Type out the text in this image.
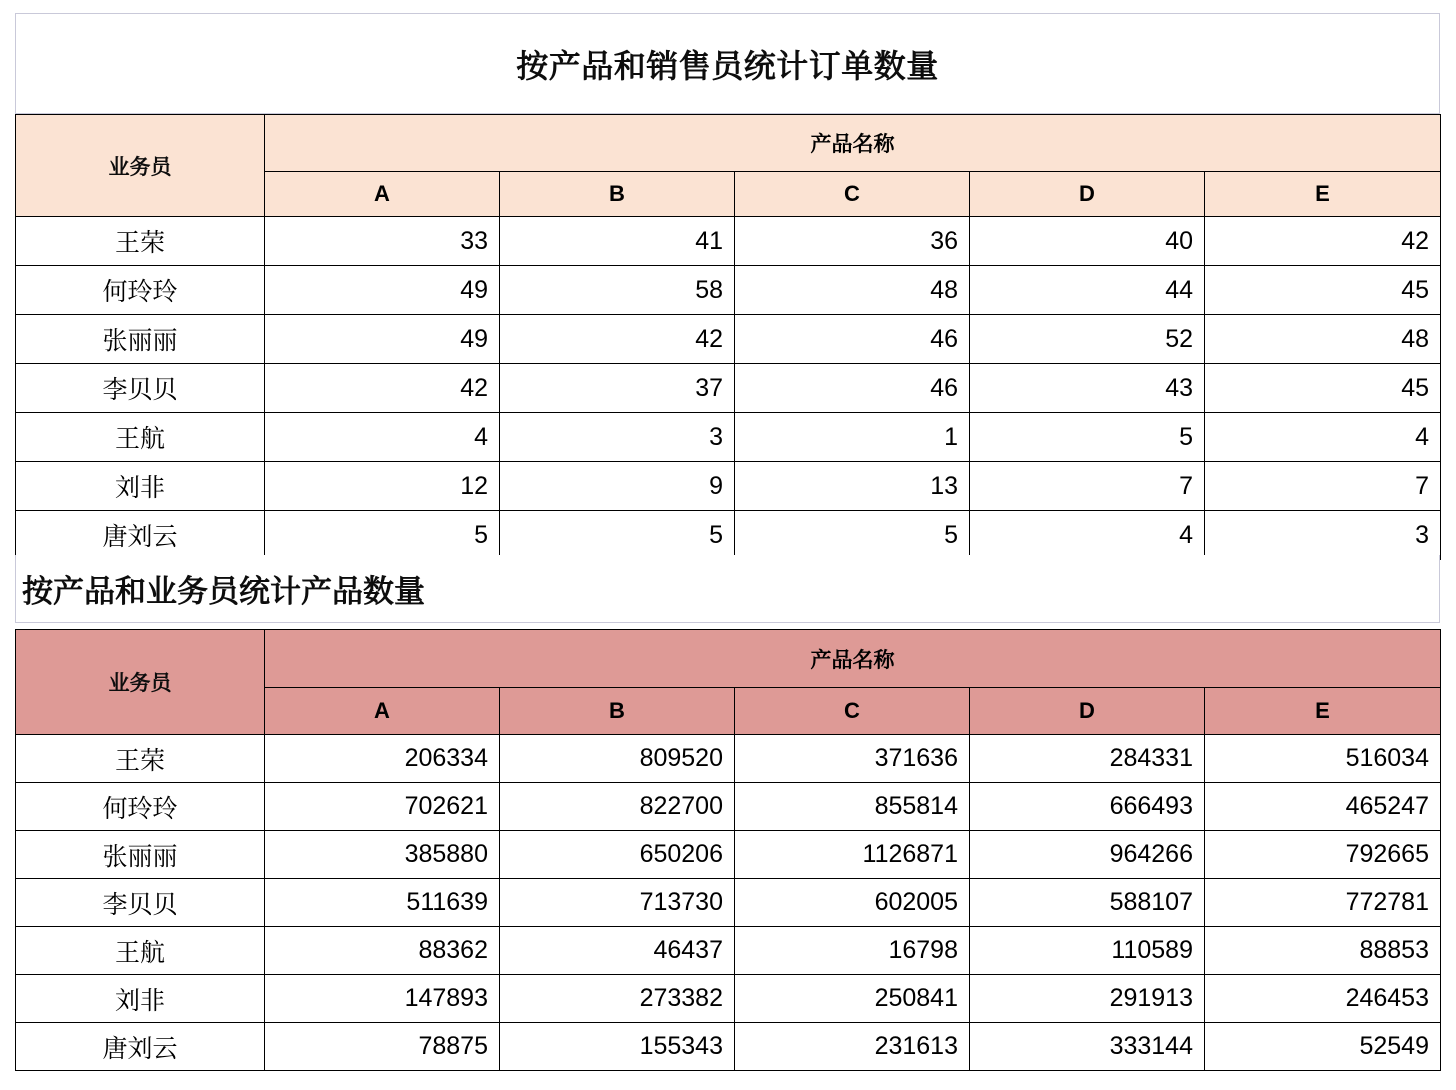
按产品和销售员统计订单数量
业务员	产品名称				
	A	B	C	D	E
王荣	33	41	36	40	42
何玲玲	49	58	48	44	45
张丽丽	49	42	46	52	48
李贝贝	42	37	46	43	45
王航	4	3	1	5	4
刘非	12	9	13	7	7
唐刘云	5	5	5	4	3
按产品和业务员统计产品数量
业务员	产品名称				
	A	B	C	D	E
王荣	206334	809520	371636	284331	516034
何玲玲	702621	822700	855814	666493	465247
张丽丽	385880	650206	1126871	964266	792665
李贝贝	511639	713730	602005	588107	772781
王航	88362	46437	16798	110589	88853
刘非	147893	273382	250841	291913	246453
唐刘云	78875	155343	231613	333144	52549
